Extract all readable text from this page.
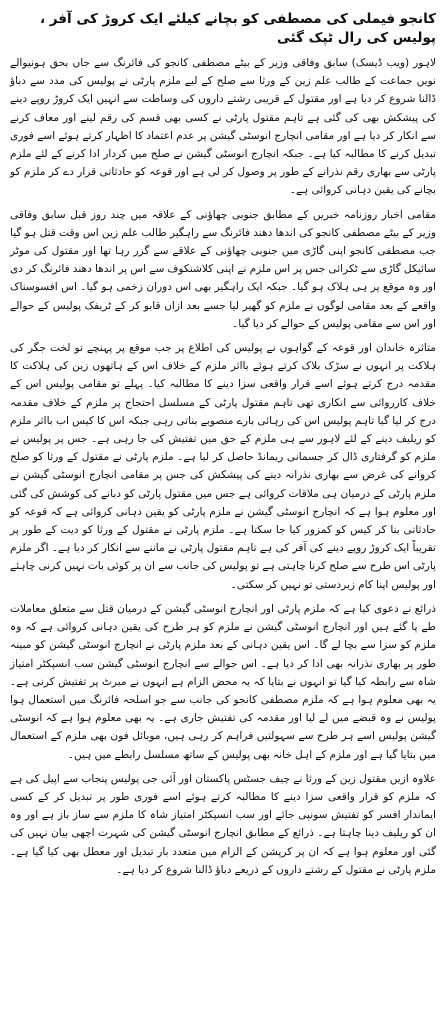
کانجو فیملی کی مصطفی کو بچانے کیلئے ایک کروڑ کی آفر ، پولیس کی رال ٹپک گئی

لاہور (ویب ڈیسک) سابق وفاقی وزیر کے بیٹے مصطفی کانجو کی فائرنگ سے جاں بحق ہونیوالے نویں جماعت کے طالب علم زین کے ورثا سے صلح کے لیے ملزم پارٹی نے پولیس کی مدد سے دباؤ ڈالنا شروع کر دیا ہے اور مقتول کے قریبی رشتے داروں کی وساطت سے انہیں ایک کروڑ روپے دینے کی پیشکش بھی کی گئی ہے تاہم مقتول پارٹی نے کسی بھی قسم کی رقم لینے اور معاف کرنے سے انکار کر دیا ہے اور مقامی انچارج انوسٹی گیشن پر عدم اعتماد کا اظہار کرتے ہوئے اسے فوری تبدیل کرنے کا مطالبہ کیا ہے۔ جبکہ انچارج انوسٹی گیشن نے صلح میں کردار ادا کرنے کے لئے ملزم پارٹی سے بھاری رقم نذرانے کے طور پر وصول کر لی ہے اور قوعہ کو حادثاتی قرار دے کر ملزم کو بچانے کی یقین دہانی کروائی ہے۔

مقامی اخبار روزنامہ خبریں کے مطابق جنوبی چھاؤنی کے علاقہ میں چند روز قبل سابق وفاقی وزیر کے بیٹے مصطفی کانجو کی اندھا دھند فائرنگ سے راہگیر طالب علم زین اس وقت قتل ہو گیا جب مصطفی کانجو اپنی گاڑی میں جنوبی چھاؤنی کے علاقے سے گزر رہا تھا اور مقتول کی موٹر سائیکل گاڑی سے ٹکرائی جس پر اس ملزم نے اپنی کلاشنکوف سے اس پر اندھا دھند فائرنگ کر دی اور وہ موقع پر ہی ہلاک ہو گیا۔ جبکہ ایک راہگیر بھی اس دوران زخمی ہو گیا۔ اس افسوسناک واقعے کے بعد مقامی لوگوں نے ملزم کو گھیر لیا جسے بعد ازاں قابو کر کے ٹریفک پولیس کے حوالے اور اس سے مقامی پولیس کے حوالے کر دیا گیا۔

متاثرہ خاندان اور قوعہ کے گواہوں نے پولیس کی اطلاع پر جب موقع پر پہنچے تو لخت جگر کی ہلاکت پر انہوں نے سڑک بلاک کرتے ہوئے بااثر ملزم کے خلاف اس کے ہاتھوں زین کی ہلاکت کا مقدمہ درج کرتے ہوئے اسے قرار واقعی سزا دینے کا مطالبہ کیا۔ پہلے تو مقامی پولیس اس کے خلاف کارروائی سے انکاری تھی تاہم مقتول پارٹی کے مسلسل احتجاج پر ملزم کے خلاف مقدمہ درج کر لیا گیا تاہم پولیس اس کی رہائی بارے منصوبے بناتی رہی جبکہ اس کا کیس اب بااثر ملزم کو ریلیف دینے کے لئے لاہور سے ہی ملزم کے حق میں تفتیش کی جا رہی ہے۔ جس پر پولیس نے ملزم کو گرفتاری ڈال کر جسمانی ریمانڈ حاصل کر لیا ہے۔ ملزم پارٹی نے مقتول کے ورثا کو صلح کروانے کی غرض سے بھاری نذرانہ دینے کی پیشکش کی جس پر مقامی انچارج انوسٹی گیشن نے ملزم پارٹی کے درمیان ہی ملاقات کروائی ہے جس میں مقتول پارٹی کو دبانے کی کوشش کی گئی اور معلوم ہوا ہے کہ انچارج انوسٹی گیشن نے ملزم پارٹی کو یقین دہانی کروائی ہے کہ قوعہ کو حادثاتی بنا کر کیس کو کمزور کیا جا سکتا ہے۔ ملزم پارٹی نے مقتول کے ورثا کو دیت کے طور پر تقریباً ایک کروڑ روپے دینے کی آفر کی ہے تاہم مقتول پارٹی نے ماننے سے انکار کر دیا ہے۔ اگر ملزم پارٹی اس طرح سے صلح کرنا چاہتی ہے تو پولیس کی جانب سے ان پر کوئی بات نہیں کرنی چاہئے اور پولیس اپنا کام زبردستی تو نہیں کر سکتی۔

ذرائع نے دعوی کیا ہے کہ ملزم پارٹی اور انچارج انوسٹی گیشن کے درمیان قتل سے متعلق معاملات طے پا گئے ہیں اور انچارج انوسٹی گیشن نے ملزم کو ہر طرح کی یقین دہانی کروائی ہے کہ وہ ملزم کو سزا سے بچا لے گا۔ اس یقین دہانی کے بعد ملزم پارٹی نے انچارج انوسٹی گیشن کو مبینہ طور پر بھاری نذرانہ بھی ادا کر دیا ہے۔ اس حوالے سے انچارج انوسٹی گیشن سب انسپکٹر امتیاز شاہ سے رابطہ کیا گیا تو انہوں نے بتایا کہ یہ محض الزام ہے انہوں نے میرٹ پر تفتیش کرنی ہے۔ یہ بھی معلوم ہوا ہے کہ ملزم مصطفی کانجو کی جانب سے جو اسلحہ فائرنگ میں استعمال ہوا پولیس نے وہ قبضے میں لے لیا اور مقدمہ کی تفتیش جاری ہے۔ یہ بھی معلوم ہوا ہے کہ انوسٹی گیشن پولیس اسے ہر طرح سے سہولتیں فراہم کر رہی ہیں، موبائل فون بھی ملزم کے استعمال میں بتایا گیا ہے اور ملزم کے اہل خانہ بھی پولیس کے ساتھ مسلسل رابطے میں ہیں۔

علاوہ ازیں مقتول زین کے ورثا نے چیف جسٹس پاکستان اور آئی جی پولیس پنجاب سے اپیل کی ہے کہ ملزم کو قرار واقعی سزا دینے کا مطالبہ کرتے ہوئے اسے فوری طور پر تبدیل کر کے کسی ایماندار افسر کو تفتیش سونپی جائے اور سب انسپکٹر امتیاز شاہ کا ملزم سے ساز باز ہے اور وہ ان کو ریلیف دینا چاہتا ہے۔ ذرائع کے مطابق انچارج انوسٹی گیشن کی شہرت اچھی بیان نہیں کی گئی اور معلوم ہوا ہے کہ ان پر کرپشن کے الزام میں متعدد بار تبدیل اور معطل بھی کیا گیا ہے۔ ملزم پارٹی نے مقتول کے رشتے داروں کے ذریعے دباؤ ڈالنا شروع کر دیا ہے۔
